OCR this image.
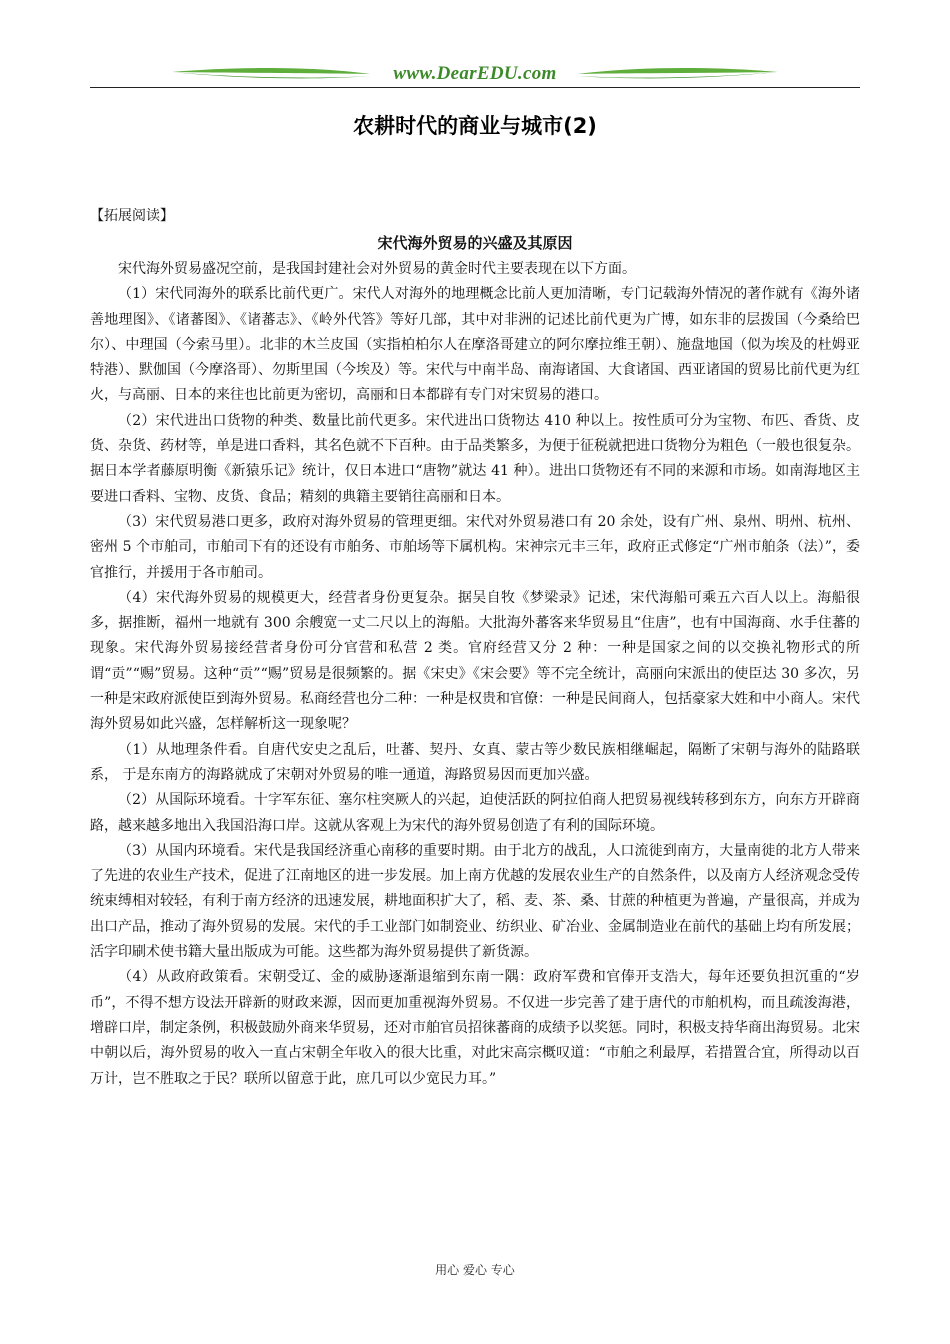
www.DearEDU.com
农耕时代的商业与城市(2)
【拓展阅读】
宋代海外贸易的兴盛及其原因

宋代海外贸易盛况空前，是我国封建社会对外贸易的黄金时代主要表现在以下方面。

（1）宋代同海外的联系比前代更广。宋代人对海外的地理概念比前人更加清晰，专门记载海外情况的著作就有《海外诸善地理图》、《诸蕃图》、《诸蕃志》、《岭外代答》等好几部，其中对非洲的记述比前代更为广博，如东非的层拨国（今桑给巴尔）、中理国（今索马里）。北非的木兰皮国（实指柏柏尔人在摩洛哥建立的阿尔摩拉维王朝）、施盘地国（似为埃及的杜姆亚特港）、默伽国（今摩洛哥）、勿斯里国（今埃及）等。宋代与中南半岛、南海诸国、大食诸国、西亚诸国的贸易比前代更为红火，与高丽、日本的来往也比前更为密切，高丽和日本都辟有专门对宋贸易的港口。

（2）宋代进出口货物的种类、数量比前代更多。宋代进出口货物达 410 种以上。按性质可分为宝物、布匹、香货、皮货、杂货、药材等，单是进口香料，其名色就不下百种。由于品类繁多，为便于征税就把进口货物分为粗色（一般也很复杂。据日本学者藤原明衡《新猿乐记》统计，仅日本进口“唐物”就达 41 种）。进出口货物还有不同的来源和市场。如南海地区主要进口香料、宝物、皮货、食品；精刻的典籍主要销往高丽和日本。

（3）宋代贸易港口更多，政府对海外贸易的管理更细。宋代对外贸易港口有 20 余处，设有广州、泉州、明州、杭州、密州 5 个市舶司，市舶司下有的还设有市舶务、市舶场等下属机构。宋神宗元丰三年，政府正式修定“广州市舶条（法）”，委官推行，并援用于各市舶司。

（4）宋代海外贸易的规模更大，经营者身份更复杂。据吴自牧《梦梁录》记述，宋代海船可乘五六百人以上。海船很多，据推断，福州一地就有 300 余艘宽一丈二尺以上的海船。大批海外蕃客来华贸易且“住唐”，也有中国海商、水手住蕃的现象。宋代海外贸易接经营者身份可分官营和私营 2 类。官府经营又分 2 种：一种是国家之间的以交换礼物形式的所谓“贡”“赐”贸易。这种“贡”“赐”贸易是很频繁的。据《宋史》《宋会要》等不完全统计，高丽向宋派出的使臣达 30 多次，另一种是宋政府派使臣到海外贸易。私商经营也分二种：一种是权贵和官僚：一种是民间商人，包括豪家大姓和中小商人。宋代海外贸易如此兴盛，怎样解析这一现象呢？

（1）从地理条件看。自唐代安史之乱后，吐蕃、契丹、女真、蒙古等少数民族相继崛起，隔断了宋朝与海外的陆路联系， 于是东南方的海路就成了宋朝对外贸易的唯一通道，海路贸易因而更加兴盛。

（2）从国际环境看。十字军东征、塞尔柱突厥人的兴起，迫使活跃的阿拉伯商人把贸易视线转移到东方，向东方开辟商路，越来越多地出入我国沿海口岸。这就从客观上为宋代的海外贸易创造了有利的国际环境。

（3）从国内环境看。宋代是我国经济重心南移的重要时期。由于北方的战乱，人口流徙到南方，大量南徙的北方人带来了先进的农业生产技术，促进了江南地区的进一步发展。加上南方优越的发展农业生产的自然条件，以及南方人经济观念受传统束缚相对较轻，有利于南方经济的迅速发展，耕地面积扩大了，稻、麦、茶、桑、甘蔗的种植更为普遍，产量很高，并成为出口产品，推动了海外贸易的发展。宋代的手工业部门如制瓷业、纺织业、矿冶业、金属制造业在前代的基础上均有所发展；活字印刷术使书籍大量出版成为可能。这些都为海外贸易提供了新货源。

（4）从政府政策看。宋朝受辽、金的威胁逐渐退缩到东南一隅：政府军费和官俸开支浩大，每年还要负担沉重的“岁币”，不得不想方设法开辟新的财政来源，因而更加重视海外贸易。不仅进一步完善了建于唐代的市舶机构，而且疏浚海港，增辟口岸，制定条例，积极鼓励外商来华贸易，还对市舶官员招徕蕃商的成绩予以奖惩。同时，积极支持华商出海贸易。北宋中朝以后，海外贸易的收入一直占宋朝全年收入的很大比重，对此宋高宗概叹道：“市舶之利最厚，若措置合宜，所得动以百万计，岂不胜取之于民？联所以留意于此，庶几可以少宽民力耳。”

用心 爱心 专心
